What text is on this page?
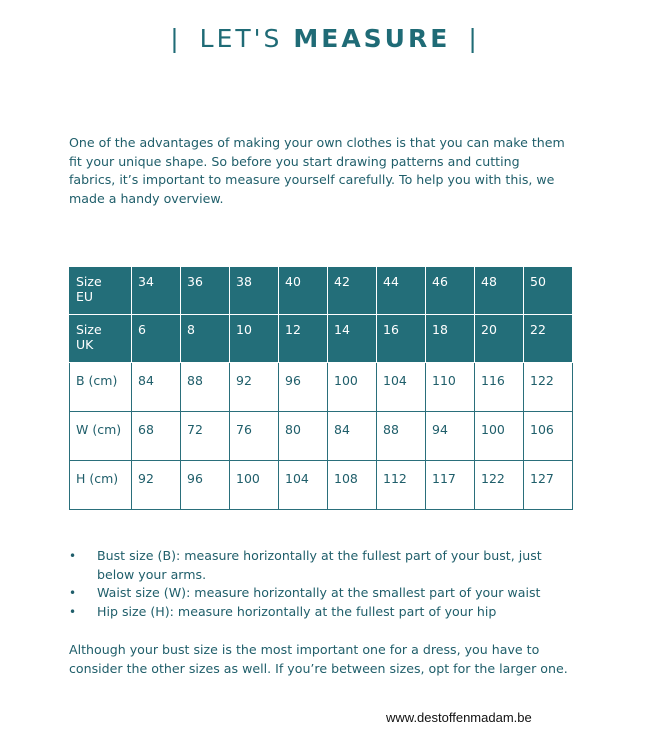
| LET'S MEASURE |

One of the advantages of making your own clothes is that you can make them fit your unique shape. So before you start drawing patterns and cutting fabrics, it’s important to measure yourself carefully. To help you with this, we made a handy overview.

Size
EU	34	36	38	40	42	44	46	48	50
Size
UK	6	8	10	12	14	16	18	20	22
B (cm)	84	88	92	96	100	104	110	116	122
W (cm)	68	72	76	80	84	88	94	100	106
H (cm)	92	96	100	104	108	112	117	122	127
• Bust size (B): measure horizontally at the fullest part of your bust, just below your arms.
• Waist size (W): measure horizontally at the smallest part of your waist
• Hip size (H): measure horizontally at the fullest part of your hip

Although your bust size is the most important one for a dress, you have to consider the other sizes as well. If you’re between sizes, opt for the larger one.

www.destoffenmadam.be
